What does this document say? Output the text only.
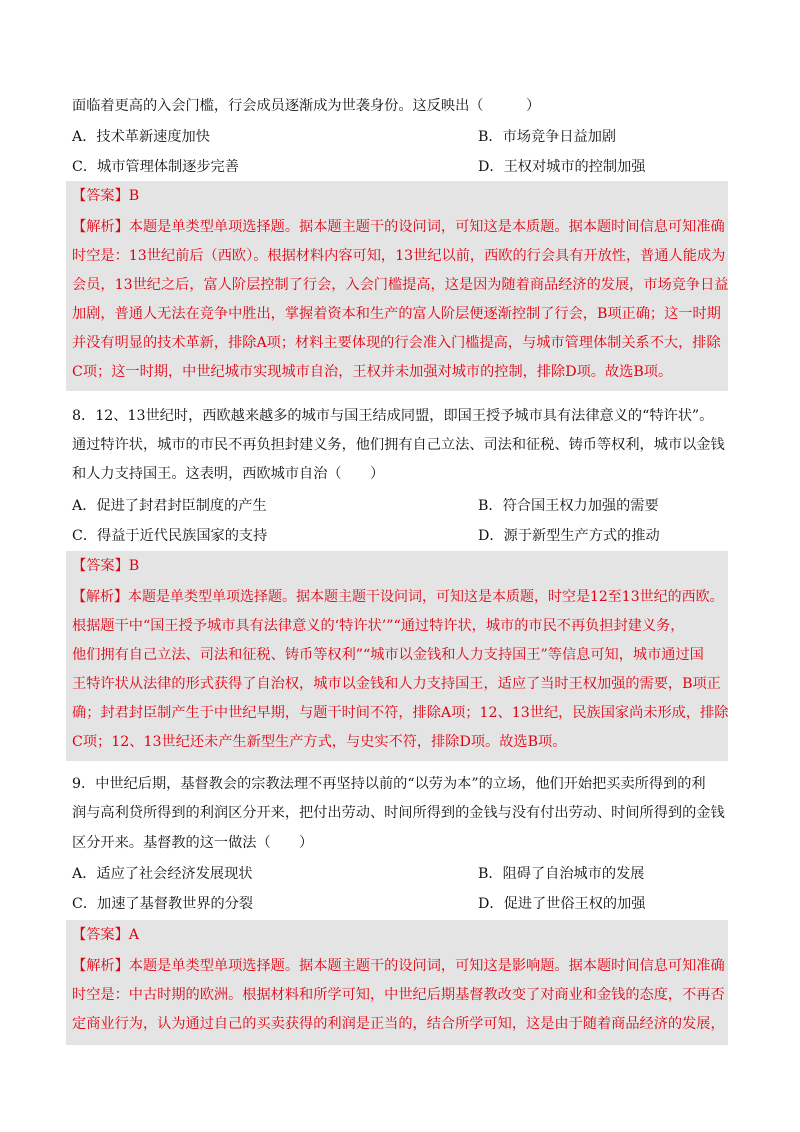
面临着更高的入会门槛，行会成员逐渐成为世袭身份。这反映出（　　　）
A．技术革新速度加快	B．市场竞争日益加剧
C．城市管理体制逐步完善	D．王权对城市的控制加强
【答案】B
【解析】本题是单类型单项选择题。据本题主题干的设问词，可知这是本质题。据本题时间信息可知准确
时空是：13世纪前后（西欧）。根据材料内容可知，13世纪以前，西欧的行会具有开放性，普通人能成为
会员，13世纪之后，富人阶层控制了行会，入会门槛提高，这是因为随着商品经济的发展，市场竞争日益
加剧，普通人无法在竞争中胜出，掌握着资本和生产的富人阶层便逐渐控制了行会，B项正确；这一时期
并没有明显的技术革新，排除A项；材料主要体现的行会准入门槛提高，与城市管理体制关系不大，排除
C项；这一时期，中世纪城市实现城市自治，王权并未加强对城市的控制，排除D项。故选B项。
8．12、13世纪时，西欧越来越多的城市与国王结成同盟，即国王授予城市具有法律意义的“特许状”。
通过特许状，城市的市民不再负担封建义务，他们拥有自己立法、司法和征税、铸币等权利，城市以金钱
和人力支持国王。这表明，西欧城市自治（　　）
A．促进了封君封臣制度的产生	B．符合国王权力加强的需要
C．得益于近代民族国家的支持	D．源于新型生产方式的推动
【答案】B
【解析】本题是单类型单项选择题。据本题主题干设问词，可知这是本质题，时空是12至13世纪的西欧。
根据题干中“国王授予城市具有法律意义的‘特许状’”“通过特许状，城市的市民不再负担封建义务，
他们拥有自己立法、司法和征税、铸币等权利”“城市以金钱和人力支持国王”等信息可知，城市通过国
王特许状从法律的形式获得了自治权，城市以金钱和人力支持国王，适应了当时王权加强的需要，B项正
确；封君封臣制产生于中世纪早期，与题干时间不符，排除A项；12、13世纪，民族国家尚未形成，排除
C项；12、13世纪还未产生新型生产方式，与史实不符，排除D项。故选B项。
9．中世纪后期，基督教会的宗教法理不再坚持以前的“以劳为本”的立场，他们开始把买卖所得到的利
润与高利贷所得到的利润区分开来，把付出劳动、时间所得到的金钱与没有付出劳动、时间所得到的金钱
区分开来。基督教的这一做法（　　）
A．适应了社会经济发展现状	B．阻碍了自治城市的发展
C．加速了基督教世界的分裂	D．促进了世俗王权的加强
【答案】A
【解析】本题是单类型单项选择题。据本题主题干的设问词，可知这是影响题。据本题时间信息可知准确
时空是：中古时期的欧洲。根据材料和所学可知，中世纪后期基督教改变了对商业和金钱的态度，不再否
定商业行为，认为通过自己的买卖获得的利润是正当的，结合所学可知，这是由于随着商品经济的发展，
